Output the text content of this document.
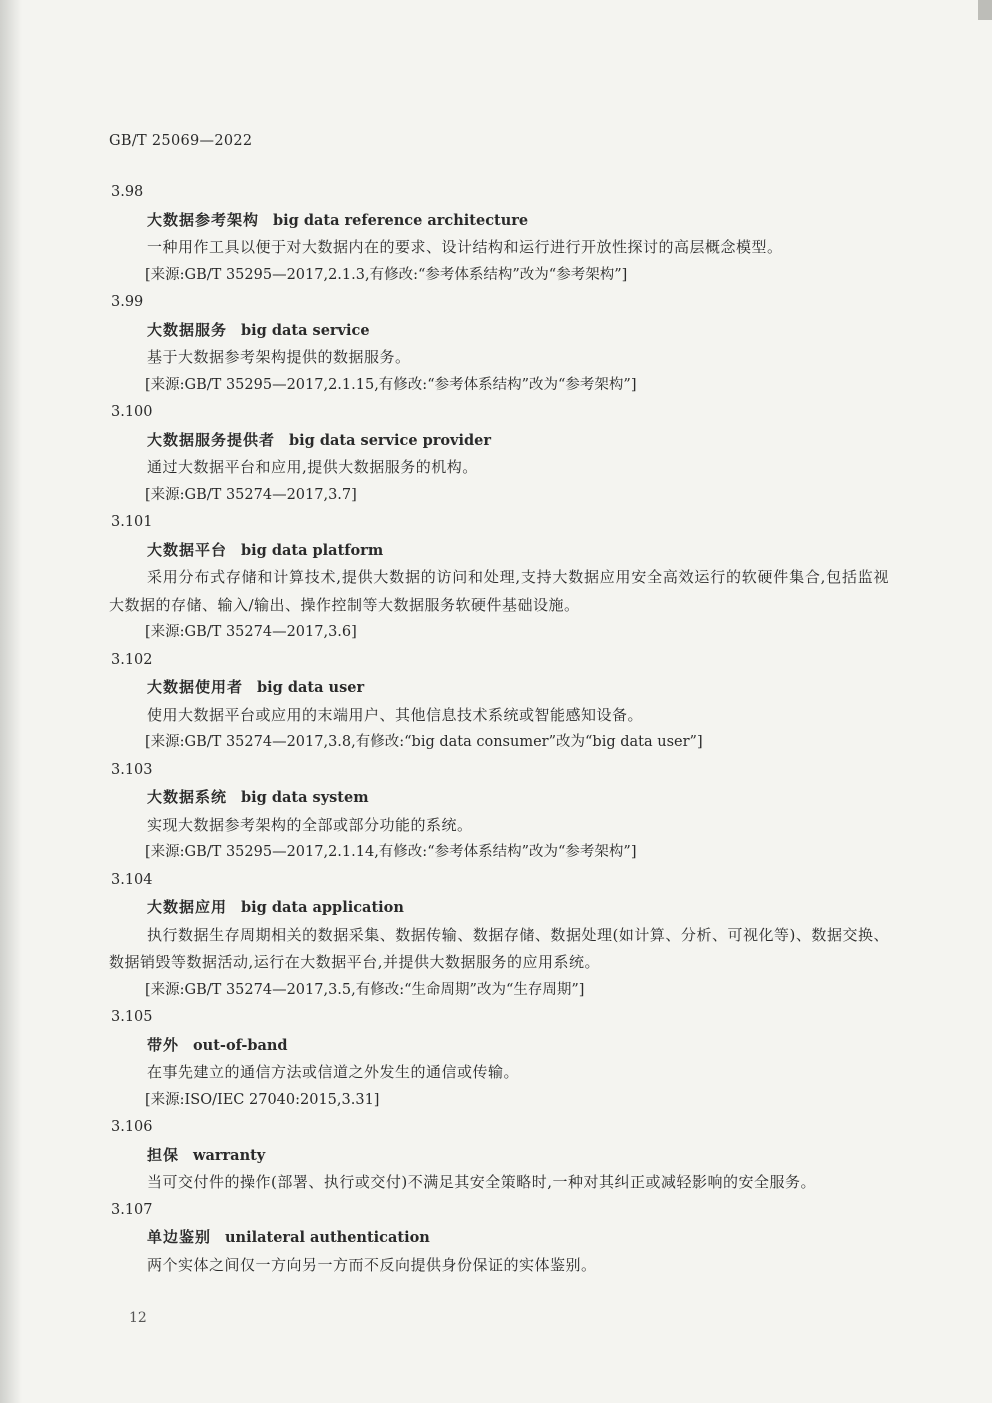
GB/T 25069—2022
3.98
大数据参考架构 big data reference architecture
一种用作工具以便于对大数据内在的要求、设计结构和运行进行开放性探讨的高层概念模型。
[来源:GB/T 35295—2017,2.1.3,有修改:“参考体系结构”改为“参考架构”]
3.99
大数据服务 big data service
基于大数据参考架构提供的数据服务。
[来源:GB/T 35295—2017,2.1.15,有修改:“参考体系结构”改为“参考架构”]
3.100
大数据服务提供者 big data service provider
通过大数据平台和应用,提供大数据服务的机构。
[来源:GB/T 35274—2017,3.7]
3.101
大数据平台 big data platform
采用分布式存储和计算技术,提供大数据的访问和处理,支持大数据应用安全高效运行的软硬件集合,包括监视大数据的存储、输入/输出、操作控制等大数据服务软硬件基础设施。
[来源:GB/T 35274—2017,3.6]
3.102
大数据使用者 big data user
使用大数据平台或应用的末端用户、其他信息技术系统或智能感知设备。
[来源:GB/T 35274—2017,3.8,有修改:“big data consumer”改为“big data user”]
3.103
大数据系统 big data system
实现大数据参考架构的全部或部分功能的系统。
[来源:GB/T 35295—2017,2.1.14,有修改:“参考体系结构”改为“参考架构”]
3.104
大数据应用 big data application
执行数据生存周期相关的数据采集、数据传输、数据存储、数据处理(如计算、分析、可视化等)、数据交换、数据销毁等数据活动,运行在大数据平台,并提供大数据服务的应用系统。
[来源:GB/T 35274—2017,3.5,有修改:“生命周期”改为“生存周期”]
3.105
带外 out-of-band
在事先建立的通信方法或信道之外发生的通信或传输。
[来源:ISO/IEC 27040:2015,3.31]
3.106
担保 warranty
当可交付件的操作(部署、执行或交付)不满足其安全策略时,一种对其纠正或减轻影响的安全服务。
3.107
单边鉴别 unilateral authentication
两个实体之间仅一方向另一方而不反向提供身份保证的实体鉴别。
12
